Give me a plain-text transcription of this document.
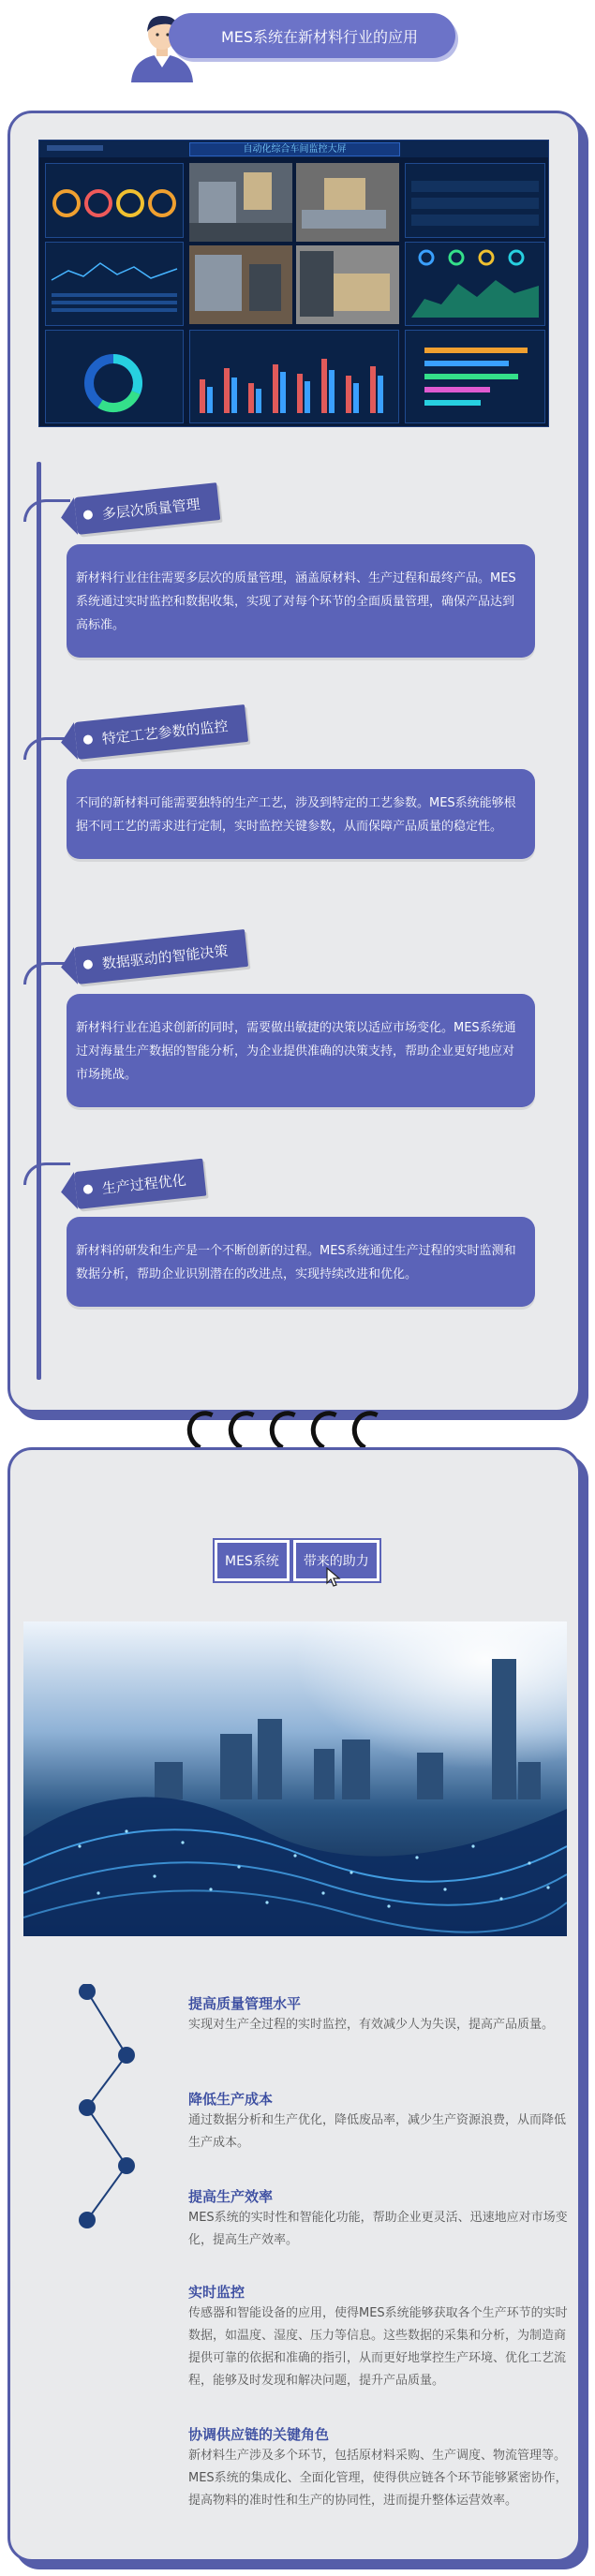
MES系统在新材料行业的应用
自动化综合车间监控大屏
多层次质量管理
新材料行业往往需要多层次的质量管理，涵盖原材料、生产过程和最终产品。MES系统通过实时监控和数据收集，实现了对每个环节的全面质量管理，确保产品达到高标准。
特定工艺参数的监控
不同的新材料可能需要独特的生产工艺，涉及到特定的工艺参数。MES系统能够根据不同工艺的需求进行定制，实时监控关键参数，从而保障产品质量的稳定性。
数据驱动的智能决策
新材料行业在追求创新的同时，需要做出敏捷的决策以适应市场变化。MES系统通过对海量生产数据的智能分析，为企业提供准确的决策支持，帮助企业更好地应对市场挑战。
生产过程优化
新材料的研发和生产是一个不断创新的过程。MES系统通过生产过程的实时监测和数据分析，帮助企业识别潜在的改进点，实现持续改进和优化。
MES系统	带来的助力
提高质量管理水平
实现对生产全过程的实时监控，有效减少人为失误，提高产品质量。
降低生产成本
通过数据分析和生产优化，降低废品率，减少生产资源浪费，从而降低生产成本。
提高生产效率
MES系统的实时性和智能化功能，帮助企业更灵活、迅速地应对市场变化，提高生产效率。
实时监控
传感器和智能设备的应用，使得MES系统能够获取各个生产环节的实时数据，如温度、湿度、压力等信息。这些数据的采集和分析，为制造商提供可靠的依据和准确的指引，从而更好地掌控生产环境、优化工艺流程，能够及时发现和解决问题，提升产品质量。
协调供应链的关键角色
新材料生产涉及多个环节，包括原材料采购、生产调度、物流管理等。MES系统的集成化、全面化管理，使得供应链各个环节能够紧密协作，提高物料的准时性和生产的协同性，进而提升整体运营效率。
